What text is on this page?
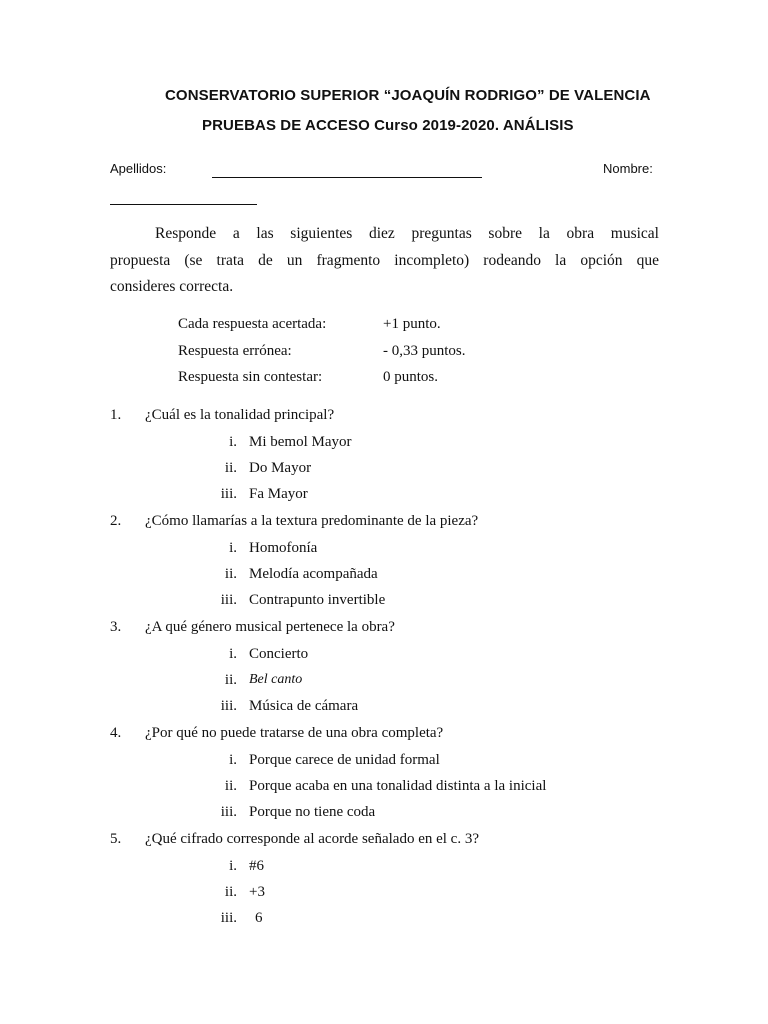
CONSERVATORIO SUPERIOR “JOAQUÍN RODRIGO” DE VALENCIA
PRUEBAS DE ACCESO Curso 2019-2020. ANÁLISIS
Apellidos:	Nombre:
Responde a las siguientes diez preguntas sobre la obra musical
propuesta (se trata de un fragmento incompleto) rodeando la opción que
consideres correcta.
Cada respuesta acertada:	+1 punto.
Respuesta errónea:	- 0,33 puntos.
Respuesta sin contestar:	0 puntos.
1. ¿Cuál es la tonalidad principal?
i. Mi bemol Mayor
ii. Do Mayor
iii. Fa Mayor
2. ¿Cómo llamarías a la textura predominante de la pieza?
i. Homofonía
ii. Melodía acompañada
iii. Contrapunto invertible
3. ¿A qué género musical pertenece la obra?
i. Concierto
ii. Bel canto
iii. Música de cámara
4. ¿Por qué no puede tratarse de una obra completa?
i. Porque carece de unidad formal
ii. Porque acaba en una tonalidad distinta a la inicial
iii. Porque no tiene coda
5. ¿Qué cifrado corresponde al acorde señalado en el c. 3?
i. #6
ii. +3
iii. 6
